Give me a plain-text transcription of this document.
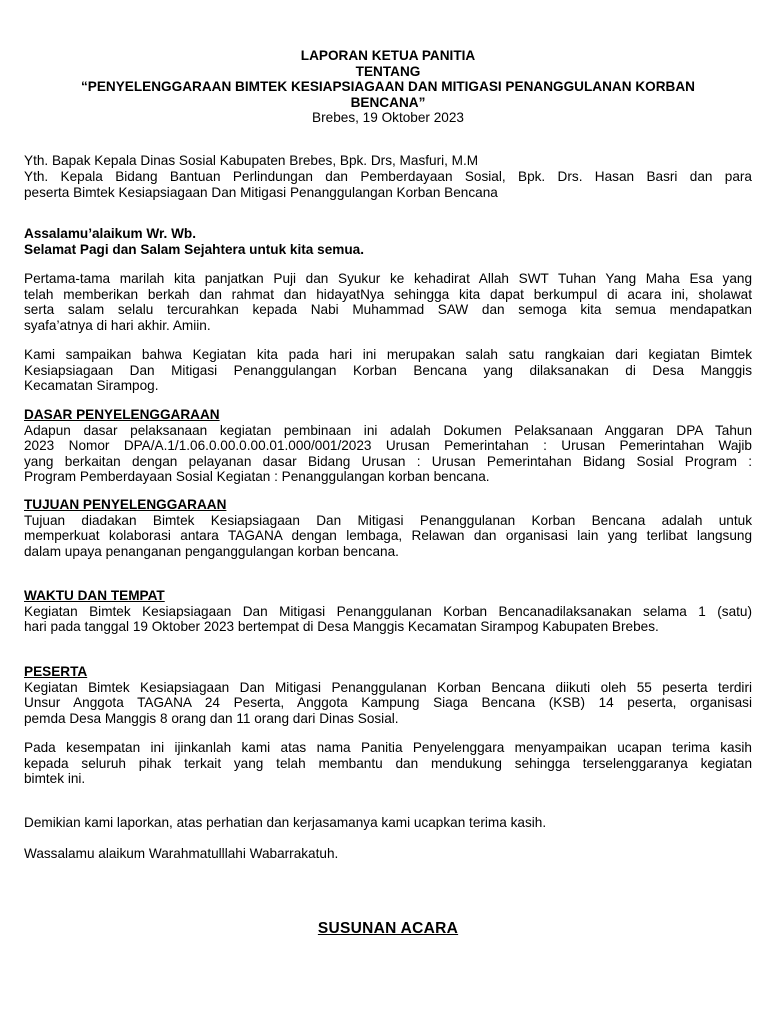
LAPORAN KETUA PANITIA

TENTANG

“PENYELENGGARAAN BIMTEK KESIAPSIAGAAN DAN MITIGASI PENANGGULANAN KORBAN

BENCANA”

Brebes, 19 Oktober 2023

Yth. Bapak Kepala Dinas Sosial Kabupaten Brebes, Bpk. Drs, Masfuri, M.M

Yth. Kepala Bidang Bantuan Perlindungan dan Pemberdayaan Sosial, Bpk. Drs. Hasan Basri dan para

peserta Bimtek Kesiapsiagaan Dan Mitigasi Penanggulangan Korban Bencana

Assalamu’alaikum Wr. Wb.

Selamat Pagi dan Salam Sejahtera untuk kita semua.

Pertama-tama marilah kita panjatkan Puji dan Syukur ke kehadirat Allah SWT Tuhan Yang Maha Esa yang

telah memberikan berkah dan rahmat dan hidayatNya sehingga kita dapat berkumpul di acara ini, sholawat

serta salam selalu tercurahkan kepada Nabi Muhammad SAW dan semoga kita semua mendapatkan

syafa’atnya di hari akhir. Amiin.

Kami sampaikan bahwa Kegiatan kita pada hari ini merupakan salah satu rangkaian dari kegiatan Bimtek

Kesiapsiagaan Dan Mitigasi Penanggulangan Korban Bencana yang dilaksanakan di Desa Manggis

Kecamatan Sirampog.

DASAR PENYELENGGARAAN

Adapun dasar pelaksanaan kegiatan pembinaan ini adalah Dokumen Pelaksanaan Anggaran DPA Tahun

2023 Nomor DPA/A.1/1.06.0.00.0.00.01.000/001/2023 Urusan Pemerintahan : Urusan Pemerintahan Wajib

yang berkaitan dengan pelayanan dasar Bidang Urusan : Urusan Pemerintahan Bidang Sosial Program :

Program Pemberdayaan Sosial Kegiatan : Penanggulangan korban bencana.

TUJUAN PENYELENGGARAAN

Tujuan diadakan Bimtek Kesiapsiagaan Dan Mitigasi Penanggulanan Korban Bencana adalah untuk

memperkuat kolaborasi antara TAGANA dengan lembaga, Relawan dan organisasi lain yang terlibat langsung

dalam upaya penanganan penganggulangan korban bencana.

WAKTU DAN TEMPAT

Kegiatan Bimtek Kesiapsiagaan Dan Mitigasi Penanggulanan Korban Bencanadilaksanakan selama 1 (satu)

hari pada tanggal 19 Oktober 2023 bertempat di Desa Manggis Kecamatan Sirampog Kabupaten Brebes.

PESERTA

Kegiatan Bimtek Kesiapsiagaan Dan Mitigasi Penanggulanan Korban Bencana diikuti oleh 55 peserta terdiri

Unsur Anggota TAGANA 24 Peserta, Anggota Kampung Siaga Bencana (KSB) 14 peserta, organisasi

pemda Desa Manggis 8 orang dan 11 orang dari Dinas Sosial.

Pada kesempatan ini ijinkanlah kami atas nama Panitia Penyelenggara menyampaikan ucapan terima kasih

kepada seluruh pihak terkait yang telah membantu dan mendukung sehingga terselenggaranya kegiatan

bimtek ini.

Demikian kami laporkan, atas perhatian dan kerjasamanya kami ucapkan terima kasih.

Wassalamu alaikum Warahmatulllahi Wabarrakatuh.

SUSUNAN ACARA
